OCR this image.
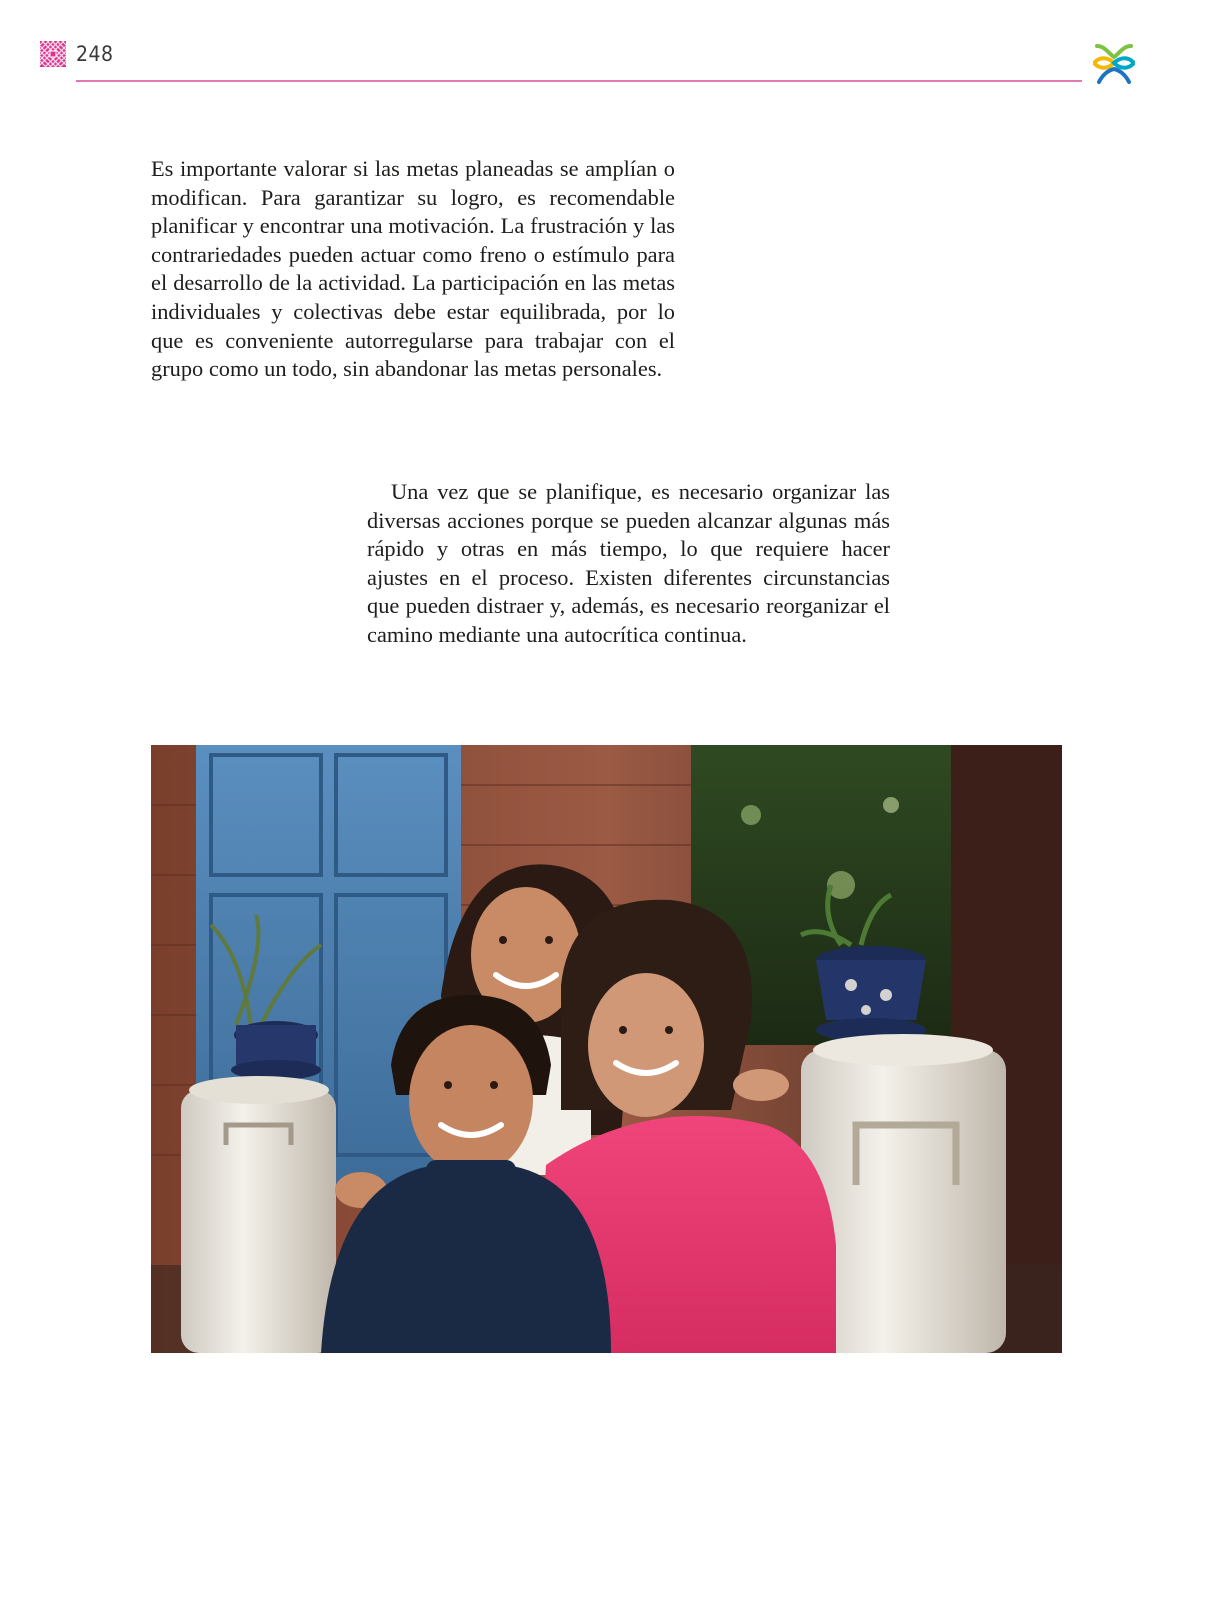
248

Es importante valorar si las metas planeadas se amplían o modifican. Para garantizar su logro, es recomendable planificar y encontrar una motivación. La frustración y las contrariedades pueden actuar como freno o estímulo para el desarrollo de la actividad. La participación en las metas individuales y colectivas debe estar equilibrada, por lo que es conveniente autorregularse para trabajar con el grupo como un todo, sin abandonar las metas personales.

Una vez que se planifique, es necesario organizar las diversas acciones porque se pueden alcanzar algunas más rápido y otras en más tiempo, lo que requiere hacer ajustes en el proceso. Existen diferentes circunstancias que pueden distraer y, además, es necesario reorganizar el camino mediante una autocrítica continua.
